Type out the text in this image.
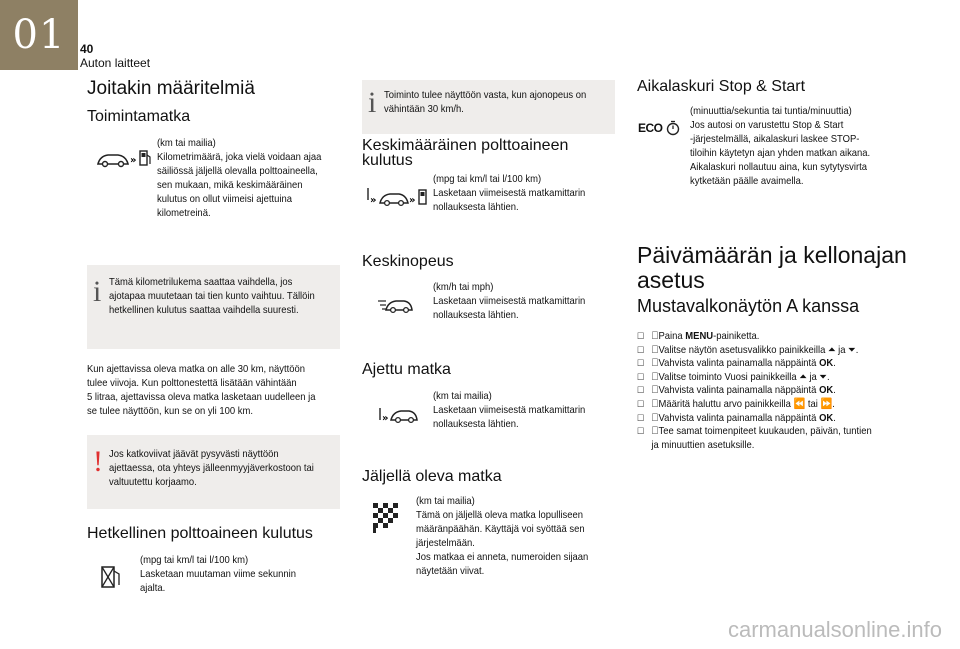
01	40
Auton laitteet
Joitakin määritelmiä
Toimintamatka
»
(km tai mailia)
Kilometrimäärä, joka vielä voidaan ajaa
säiliössä jäljellä olevalla polttoaineella,
sen mukaan, mikä keskimääräinen
kulutus on ollut viimeisi ajettuina
kilometreinä.
i Tämä kilometrilukema saattaa vaihdella, jos
ajotapaa muutetaan tai tien kunto vaihtuu. Tällöin
hetkellinen kulutus saattaa vaihdella suuresti.
Kun ajettavissa oleva matka on alle 30 km, näyttöön
tulee viivoja. Kun polttonestettä lisätään vähintään
5 litraa, ajettavissa oleva matka lasketaan uudelleen ja
se tulee näyttöön, kun se on yli 100 km.
! Jos katkoviivat jäävät pysyvästi näyttöön
ajettaessa, ota yhteys jälleenmyyjäverkostoon tai
valtuutettu korjaamo.
Hetkellinen polttoaineen kulutus
(mpg tai km/l tai l/100 km)
Lasketaan muutaman viime sekunnin
ajalta.
i Toiminto tulee näyttöön vasta, kun ajonopeus on
vähintään 30 km/h.
Keskimääräinen polttoaineen
kulutus
»	»
(mpg tai km/l tai l/100 km)
Lasketaan viimeisestä matkamittarin
nollauksesta lähtien.
Keskinopeus
(km/h tai mph)
Lasketaan viimeisestä matkamittarin
nollauksesta lähtien.
Ajettu matka
»
(km tai mailia)
Lasketaan viimeisestä matkamittarin
nollauksesta lähtien.
Jäljellä oleva matka
(km tai mailia)
Tämä on jäljellä oleva matka lopulliseen
määränpäähän. Käyttäjä voi syöttää sen
järjestelmään.
Jos matkaa ei anneta, numeroiden sijaan
näytetään viivat.
Aikalaskuri Stop & Start
ECO
(minuuttia/sekuntia tai tuntia/minuuttia)
Jos autosi on varustettu Stop & Start
-järjestelmällä, aikalaskuri laskee STOP-
tiloihin käytetyn ajan yhden matkan aikana.
Aikalaskuri nollautuu aina, kun sytytysvirta
kytketään päälle avaimella.
Päivämäärän ja kellonajan
asetus
Mustavalkonäytön A kanssa
☐ Paina MENU-painiketta.
☐ Valitse näytön asetusvalikko painikkeilla ⏶ ja ⏷.
☐ Vahvista valinta painamalla näppäintä OK.
☐ Valitse toiminto Vuosi painikkeilla ⏶ ja ⏷.
☐ Vahvista valinta painamalla näppäintä OK.
☐ Määritä haluttu arvo painikkeilla ⏪ tai ⏩.
☐ Vahvista valinta painamalla näppäintä OK.
☐ Tee samat toimenpiteet kuukauden, päivän, tuntien
ja minuuttien asetuksille.
carmanualsonline.info
